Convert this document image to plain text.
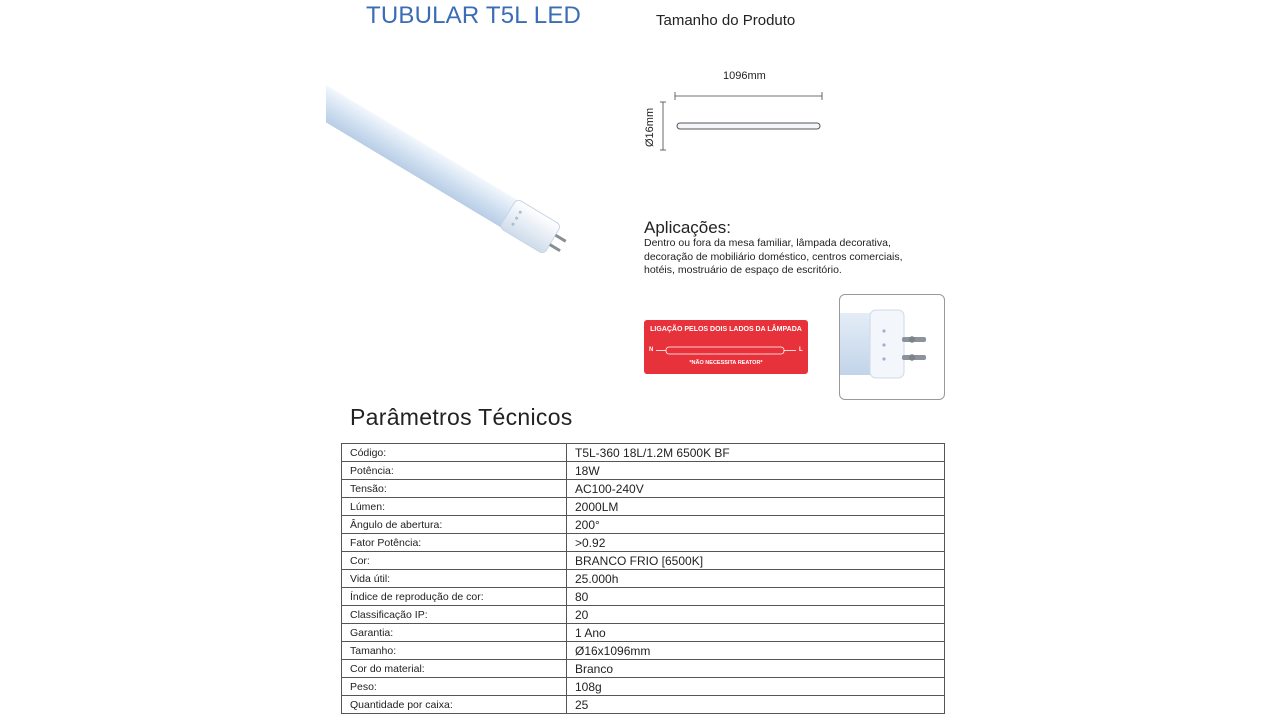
TUBULAR T5L LED	Tamanho do Produto
1096mm
Ø16mm
Aplicações:
Dentro ou fora da mesa familiar, lâmpada decorativa, decoração de mobiliário doméstico, centros comerciais, hotéis, mostruário de espaço de escritório.
LIGAÇÃO PELOS DOIS LADOS DA LÂMPADA
N	L
*NÃO NECESSITA REATOR*
Parâmetros Técnicos
Código:	T5L-360 18L/1.2M 6500K BF
Potência:	18W
Tensão:	AC100-240V
Lúmen:	2000LM
Ângulo de abertura:	200°
Fator Potência:	>0.92
Cor:	BRANCO FRIO [6500K]
Vida útil:	25.000h
Índice de reprodução de cor:	80
Classificação IP:	20
Garantia:	1 Ano
Tamanho:	Ø16x1096mm
Cor do material:	Branco
Peso:	108g
Quantidade por caixa:	25
